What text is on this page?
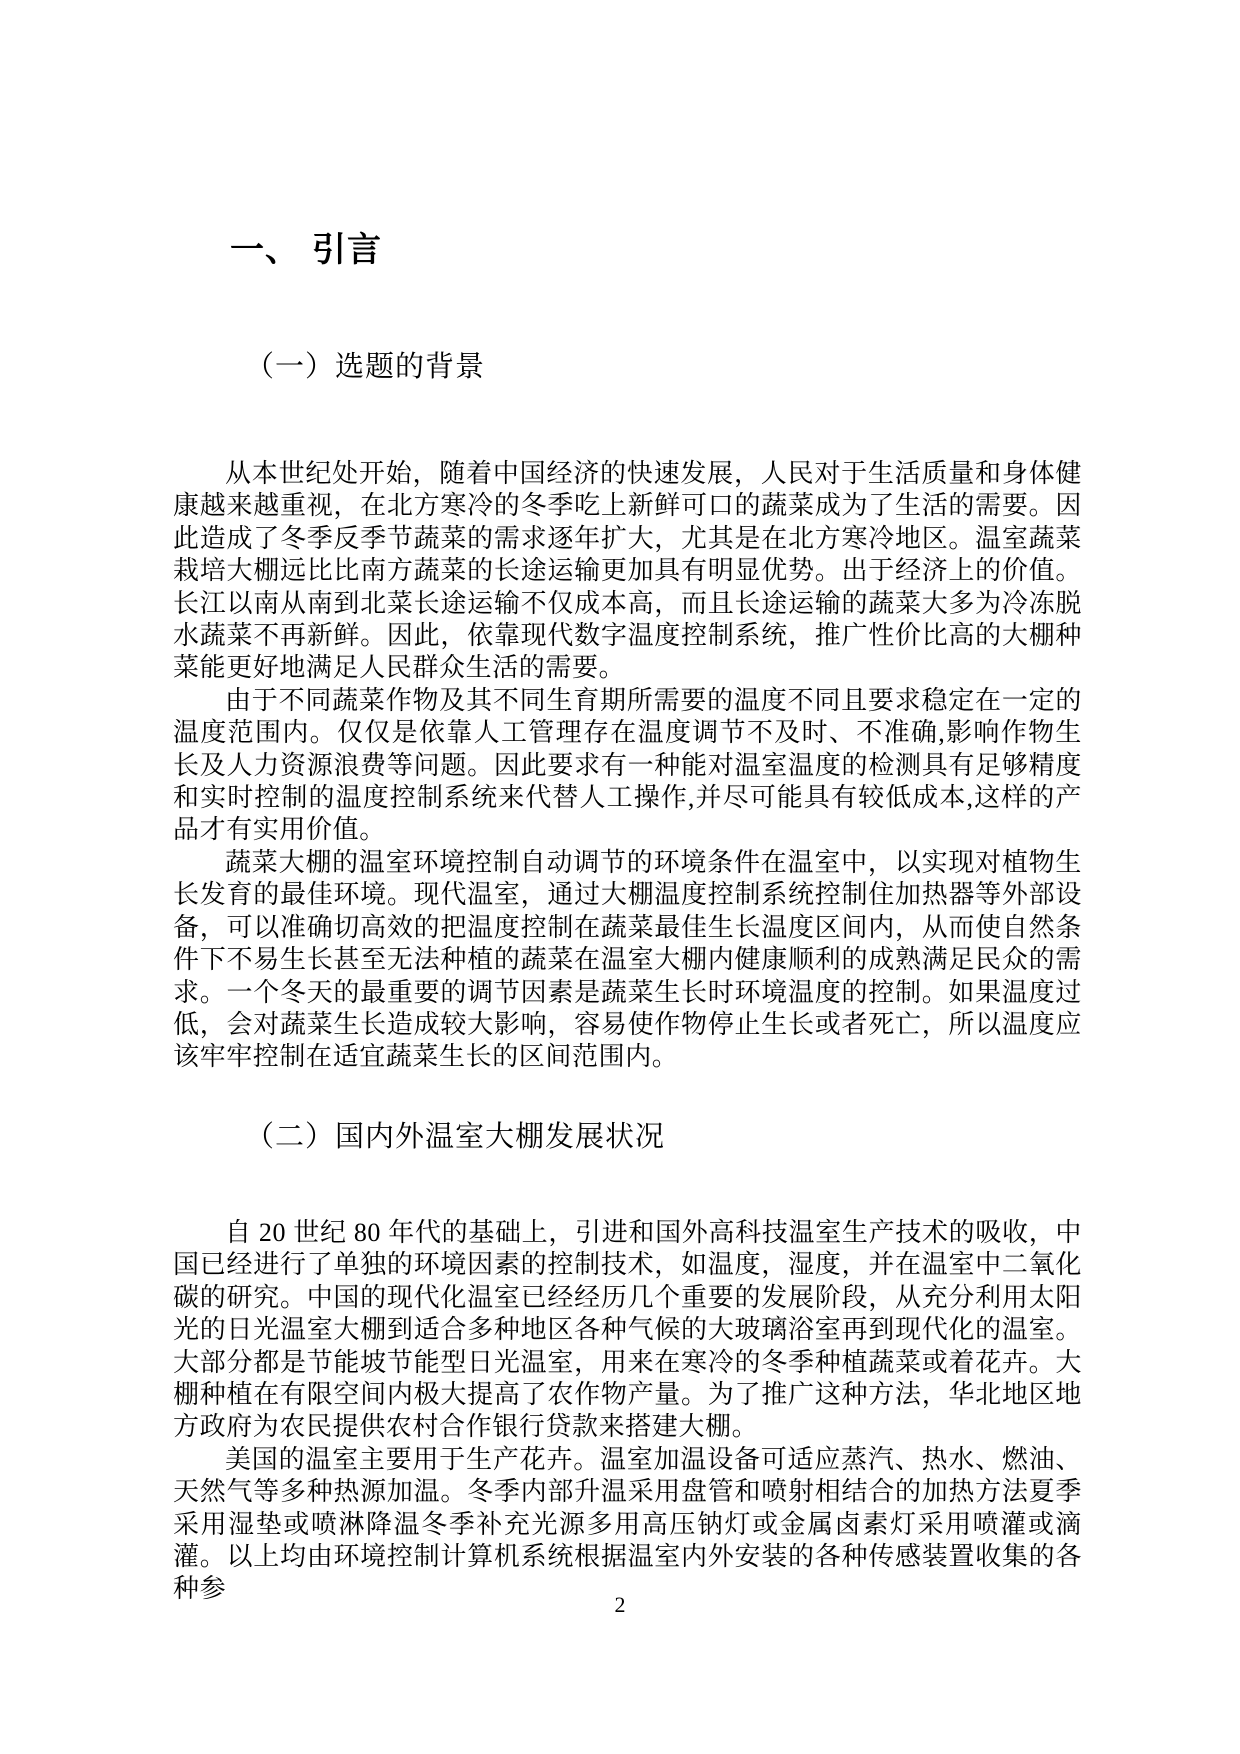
一、 引言
（一）选题的背景

从本世纪处开始，随着中国经济的快速发展，人民对于生活质量和身体健康越来越重视，在北方寒冷的冬季吃上新鲜可口的蔬菜成为了生活的需要。因此造成了冬季反季节蔬菜的需求逐年扩大，尤其是在北方寒冷地区。温室蔬菜栽培大棚远比比南方蔬菜的长途运输更加具有明显优势。出于经济上的价值。长江以南从南到北菜长途运输不仅成本高，而且长途运输的蔬菜大多为冷冻脱水蔬菜不再新鲜。因此，依靠现代数字温度控制系统，推广性价比高的大棚种菜能更好地满足人民群众生活的需要。

由于不同蔬菜作物及其不同生育期所需要的温度不同且要求稳定在一定的温度范围内。仅仅是依靠人工管理存在温度调节不及时、不准确,影响作物生长及人力资源浪费等问题。因此要求有一种能对温室温度的检测具有足够精度和实时控制的温度控制系统来代替人工操作,并尽可能具有较低成本,这样的产品才有实用价值。

蔬菜大棚的温室环境控制自动调节的环境条件在温室中，以实现对植物生长发育的最佳环境。现代温室，通过大棚温度控制系统控制住加热器等外部设备，可以准确切高效的把温度控制在蔬菜最佳生长温度区间内，从而使自然条件下不易生长甚至无法种植的蔬菜在温室大棚内健康顺利的成熟满足民众的需求。一个冬天的最重要的调节因素是蔬菜生长时环境温度的控制。如果温度过低，会对蔬菜生长造成较大影响，容易使作物停止生长或者死亡，所以温度应该牢牢控制在适宜蔬菜生长的区间范围内。

（二）国内外温室大棚发展状况

自 20 世纪 80 年代的基础上，引进和国外高科技温室生产技术的吸收，中国已经进行了单独的环境因素的控制技术，如温度，湿度，并在温室中二氧化碳的研究。中国的现代化温室已经经历几个重要的发展阶段，从充分利用太阳光的日光温室大棚到适合多种地区各种气候的大玻璃浴室再到现代化的温室。大部分都是节能坡节能型日光温室，用来在寒冷的冬季种植蔬菜或着花卉。大棚种植在有限空间内极大提高了农作物产量。为了推广这种方法，华北地区地方政府为农民提供农村合作银行贷款来搭建大棚。

美国的温室主要用于生产花卉。温室加温设备可适应蒸汽、热水、燃油、天然气等多种热源加温。冬季内部升温采用盘管和喷射相结合的加热方法夏季采用湿垫或喷淋降温冬季补充光源多用高压钠灯或金属卤素灯采用喷灌或滴灌。以上均由环境控制计算机系统根据温室内外安装的各种传感装置收集的各种参

2
